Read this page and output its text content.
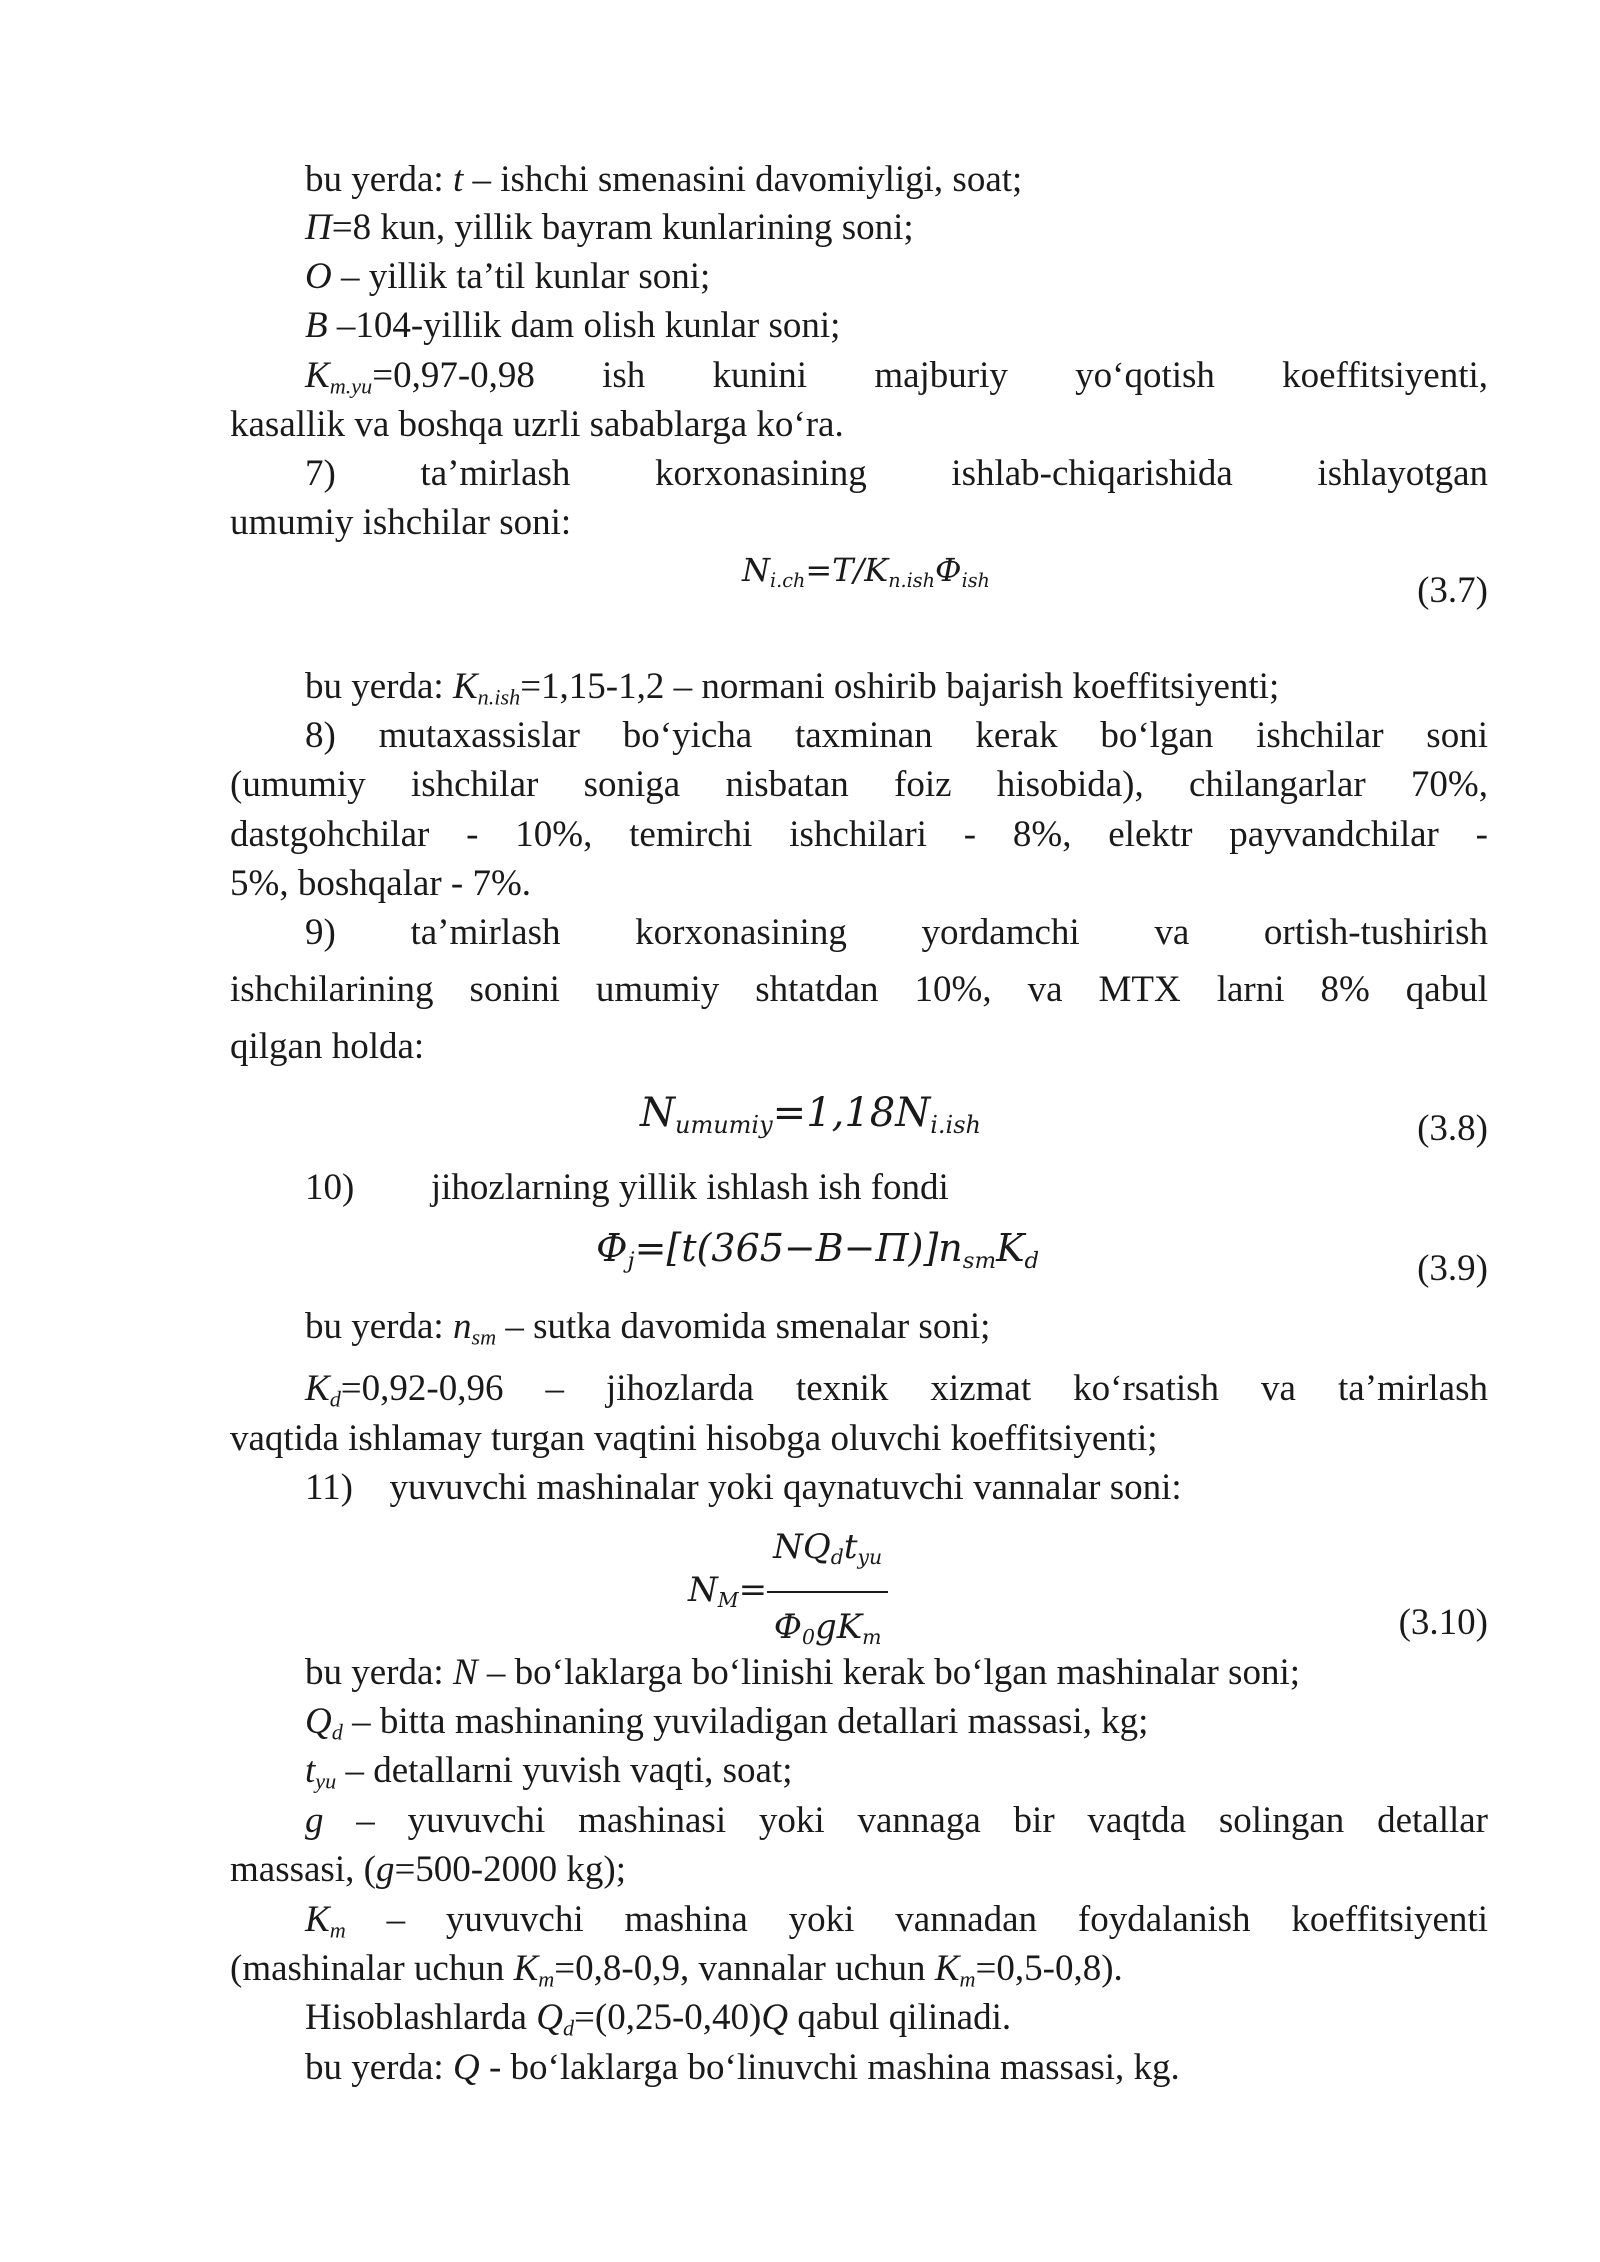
bu yerda: t – ishchi smenasini davomiyligi, soat;
П=8 kun, yillik bayram kunlarining soni;
O – yillik ta’til kunlar soni;
B –104-yillik dam olish kunlar soni;
$K_{m.yu}=0,97-0,98$ ish kunini majburiy yo‘qotish koeffitsiyenti,
kasallik va boshqa uzrli sabablarga ko‘ra.
7) ta’mirlash korxonasining ishlab-chiqarishida ishlayotgan
umumiy ishchilar soni:
$N_{i.ch}=T/K_{n.ish}Ф_{ish}$	(3.7)
bu yerda: $K_{n.ish}=1,15-1,2$ – normani oshirib bajarish koeffitsiyenti;
8) mutaxassislar bo‘yicha taxminan kerak bo‘lgan ishchilar soni
(umumiy ishchilar soniga nisbatan foiz hisobida), chilangarlar 70%,
dastgohchilar - 10%, temirchi ishchilari - 8%, elektr payvandchilar -
5%, boshqalar - 7%.
9) ta’mirlash korxonasining yordamchi va ortish-tushirish
ishchilarining sonini umumiy shtatdan 10%, va MTX larni 8% qabul
qilgan holda:
$N_{umumiy}=1,18N_{i.ish}$	(3.8)
10) jihozlarning yillik ishlash ish fondi
$Ф_j=[t(365-B-П)]n_{sm}K_d$	(3.9)
bu yerda: $n_{sm}$ – sutka davomida smenalar soni;
$K_d=0,92-0,96$ – jihozlarda texnik xizmat ko‘rsatish va ta’mirlash
vaqtida ishlamay turgan vaqtini hisobga oluvchi koeffitsiyenti;
11) yuvuvchi mashinalar yoki qaynatuvchi vannalar soni:
$N_M= \frac{NQ_dt_{yu}}{Ф_0gK_m}$	(3.10)
bu yerda: N – bo‘laklarga bo‘linishi kerak bo‘lgan mashinalar soni;
$Q_d$ – bitta mashinaning yuviladigan detallari massasi, kg;
$t_{yu}$ – detallarni yuvish vaqti, soat;
g – yuvuvchi mashinasi yoki vannaga bir vaqtda solingan detallar
massasi, (g=500-2000 kg);
$K_m$ – yuvuvchi mashina yoki vannadan foydalanish koeffitsiyenti
(mashinalar uchun $K_m=0,8-0,9$, vannalar uchun $K_m=0,5-0,8$).
Hisoblashlarda $Q_d=(0,25-0,40)Q$ qabul qilinadi.
bu yerda: Q - bo‘laklarga bo‘linuvchi mashina massasi, kg.
